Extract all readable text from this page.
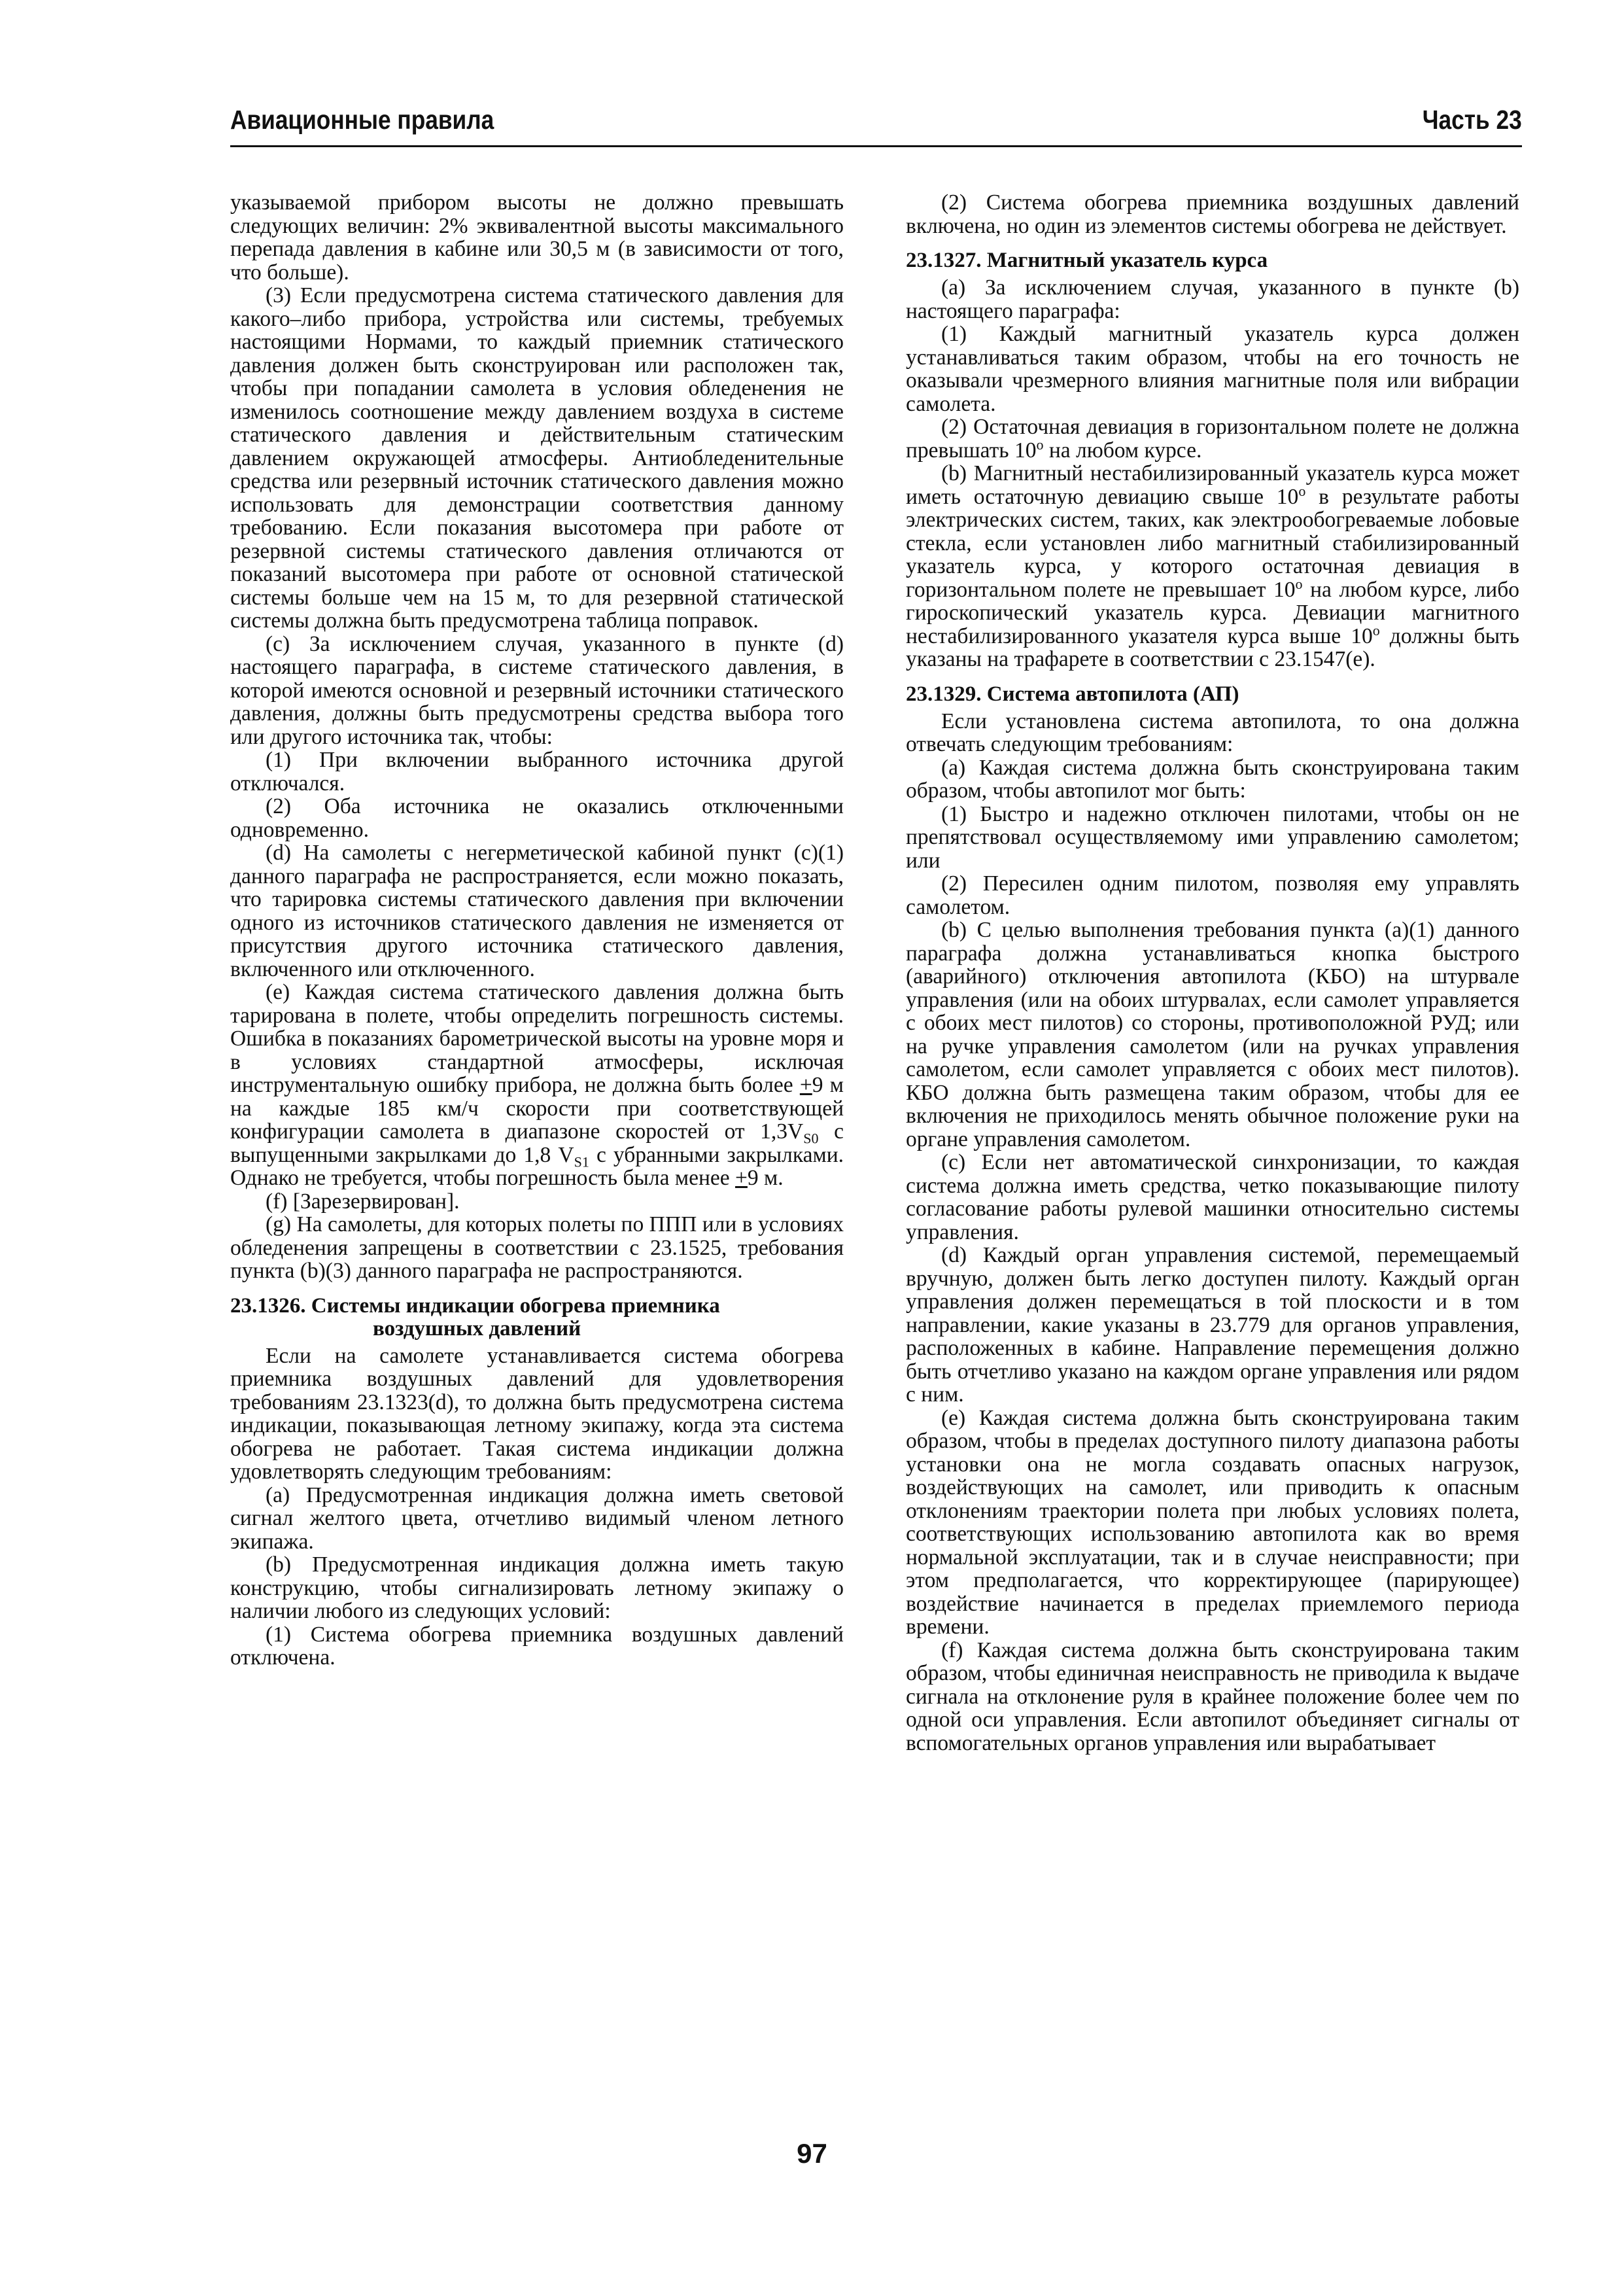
Авиационные правила	Часть 23

указываемой прибором высоты не должно превышать следующих величин: 2% эквивалентной высоты максимального перепада давления в кабине или 30,5 м (в зависимости от того, что больше).

(3) Если предусмотрена система статического давления для какого–либо прибора, устройства или системы, требуемых настоящими Нормами, то каждый приемник статического давления должен быть сконструирован или расположен так, чтобы при попадании самолета в условия обледенения не изменилось соотношение между давлением воздуха в системе статического давления и действительным статическим давлением окружающей атмосферы. Антиобледенительные средства или резервный источник статического давления можно использовать для демонстрации соответствия данному требованию. Если показания высотомера при работе от резервной системы статического давления отличаются от показаний высотомера при работе от основной статической системы больше чем на 15 м, то для резервной статической системы должна быть предусмотрена таблица поправок.

(c) За исключением случая, указанного в пункте (d) настоящего параграфа, в системе статического давления, в которой имеются основной и резервный источники статического давления, должны быть предусмотрены средства выбора того или другого источника так, чтобы:

(1) При включении выбранного источника другой отключался.

(2) Оба источника не оказались отключенными одновременно.

(d) На самолеты с негерметической кабиной пункт (c)(1) данного параграфа не распространяется, если можно показать, что тарировка системы статического давления при включении одного из источников статического давления не изменяется от присутствия другого источника статического давления, включенного или отключенного.

(e) Каждая система статического давления должна быть тарирована в полете, чтобы определить погрешность системы. Ошибка в показаниях барометрической высоты на уровне моря и в условиях стандартной атмосферы, исключая инструментальную ошибку прибора, не должна быть более +9 м на каждые 185 км/ч скорости при соответствующей конфигурации самолета в диапазоне скоростей от $1,3V_{S0}$ с выпущенными закрылками до 1,8 $V_{S1}$ с убранными закрылками. Однако не требуется, чтобы погрешность была менее +9 м.

(f) [Зарезервирован].

(g) На самолеты, для которых полеты по ППП или в условиях обледенения запрещены в соответствии с 23.1525, требования пункта (b)(3) данного параграфа не распространяются.

23.1326. Системы индикации обогрева приемника
воздушных давлений

Если на самолете устанавливается система обогрева приемника воздушных давлений для удовлетворения требованиям 23.1323(d), то должна быть предусмотрена система индикации, показывающая летному экипажу, когда эта система обогрева не работает. Такая система индикации должна удовлетворять следующим требованиям:

(a) Предусмотренная индикация должна иметь световой сигнал желтого цвета, отчетливо видимый членом летного экипажа.

(b) Предусмотренная индикация должна иметь такую конструкцию, чтобы сигнализировать летному экипажу о наличии любого из следующих условий:

(1) Система обогрева приемника воздушных давлений отключена.

(2) Система обогрева приемника воздушных давлений включена, но один из элементов системы обогрева не действует.

23.1327. Магнитный указатель курса

(a) За исключением случая, указанного в пункте (b) настоящего параграфа:

(1) Каждый магнитный указатель курса должен устанавливаться таким образом, чтобы на его точность не оказывали чрезмерного влияния магнитные поля или вибрации самолета.

(2) Остаточная девиация в горизонтальном полете не должна превышать 10$^o$ на любом курсе.

(b) Магнитный нестабилизированный указатель курса может иметь остаточную девиацию свыше 10$^o$ в результате работы электрических систем, таких, как электрообогреваемые лобовые стекла, если установлен либо магнитный стабилизированный указатель курса, у которого остаточная девиация в горизонтальном полете не превышает 10$^o$ на любом курсе, либо гироскопический указатель курса. Девиации магнитного нестабилизированного указателя курса выше 10$^o$ должны быть указаны на трафарете в соответствии с 23.1547(e).

23.1329. Система автопилота (АП)

Если установлена система автопилота, то она должна отвечать следующим требованиям:

(a) Каждая система должна быть сконструирована таким образом, чтобы автопилот мог быть:

(1) Быстро и надежно отключен пилотами, чтобы он не препятствовал осуществляемому ими управлению самолетом; или

(2) Пересилен одним пилотом, позволяя ему управлять самолетом.

(b) С целью выполнения требования пункта (a)(1) данного параграфа должна устанавливаться кнопка быстрого (аварийного) отключения автопилота (КБО) на штурвале управления (или на обоих штурвалах, если самолет управляется с обоих мест пилотов) со стороны, противоположной РУД; или на ручке управления самолетом (или на ручках управления самолетом, если самолет управляется с обоих мест пилотов). КБО должна быть размещена таким образом, чтобы для ее включения не приходилось менять обычное положение руки на органе управления самолетом.

(c) Если нет автоматической синхронизации, то каждая система должна иметь средства, четко показывающие пилоту согласование работы рулевой машинки относительно системы управления.

(d) Каждый орган управления системой, перемещаемый вручную, должен быть легко доступен пилоту. Каждый орган управления должен перемещаться в той плоскости и в том направлении, какие указаны в 23.779 для органов управления, расположенных в кабине. Направление перемещения должно быть отчетливо указано на каждом органе управления или рядом с ним.

(e) Каждая система должна быть сконструирована таким образом, чтобы в пределах доступного пилоту диапазона работы установки она не могла создавать опасных нагрузок, воздействующих на самолет, или приводить к опасным отклонениям траектории полета при любых условиях полета, соответствующих использованию автопилота как во время нормальной эксплуатации, так и в случае неисправности; при этом предполагается, что корректирующее (парирующее) воздействие начинается в пределах приемлемого периода времени.

(f) Каждая система должна быть сконструирована таким образом, чтобы единичная неисправность не приводила к выдаче сигнала на отклонение руля в крайнее положение более чем по одной оси управления. Если автопилот объединяет сигналы от вспомогательных органов управления или вырабатывает

97
